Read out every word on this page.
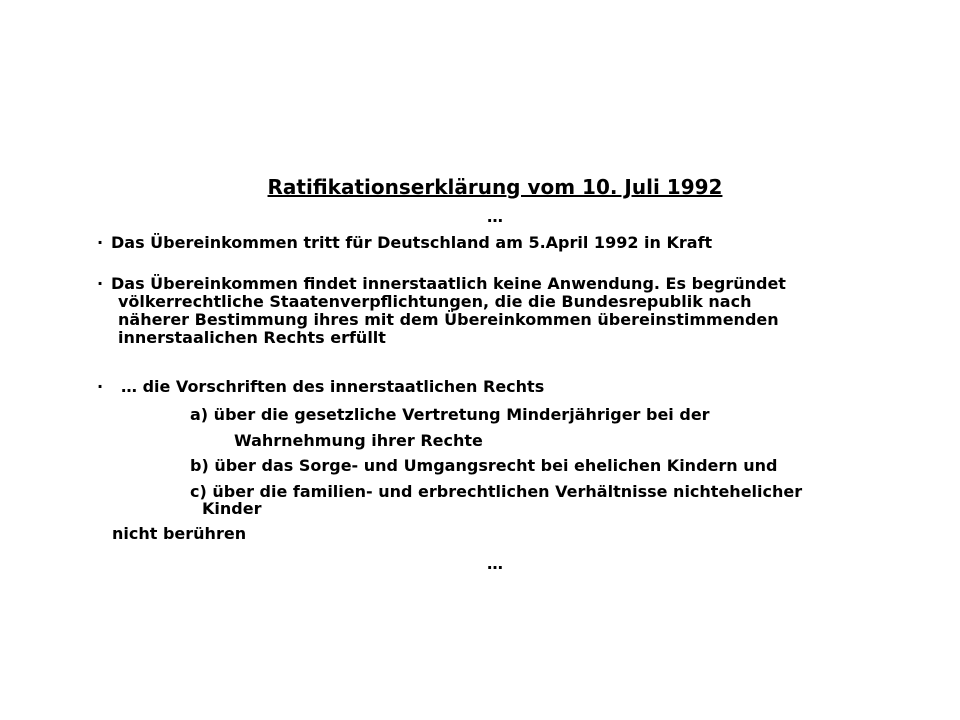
Ratifikationserklärung vom 10. Juli 1992
…
· Das Übereinkommen tritt für Deutschland am 5.April 1992 in Kraft
· Das Übereinkommen findet innerstaatlich keine Anwendung. Es begründet
völkerrechtliche Staatenverpflichtungen, die die Bundesrepublik nach
näherer Bestimmung ihres mit dem Übereinkommen übereinstimmenden
innerstaalichen Rechts erfüllt
· … die Vorschriften des innerstaatlichen Rechts
a) über die gesetzliche Vertretung Minderjähriger bei der
Wahrnehmung ihrer Rechte
b) über das Sorge- und Umgangsrecht bei ehelichen Kindern und
c) über die familien- und erbrechtlichen Verhältnisse nichtehelicher
Kinder
nicht berühren
…
